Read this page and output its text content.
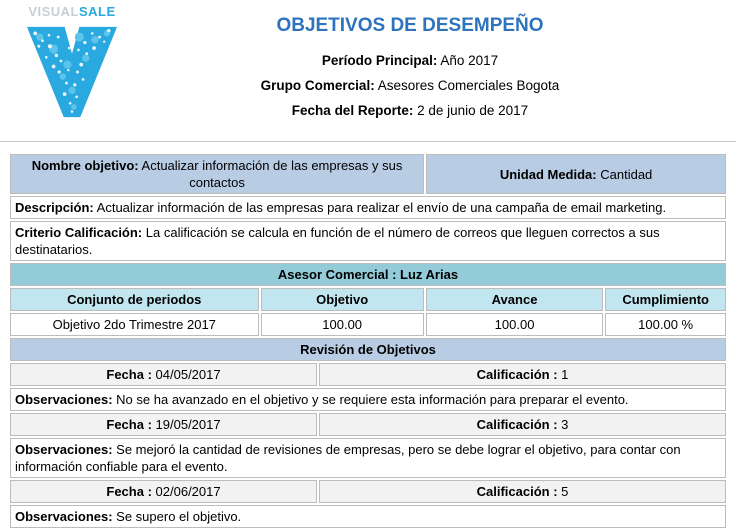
VISUALSALE
OBJETIVOS DE DESEMPEÑO
Período Principal: Año 2017
Grupo Comercial: Asesores Comerciales Bogota
Fecha del Reporte: 2 de junio de 2017
Nombre objetivo: Actualizar información de las empresas y sus contactos	Unidad Medida: Cantidad
Descripción: Actualizar información de las empresas para realizar el envío de una campaña de email marketing.
Criterio Calificación: La calificación se calcula en función de el número de correos que lleguen correctos a sus destinatarios.
Asesor Comercial : Luz Arias			
Conjunto de periodos	Objetivo	Avance	Cumplimiento
Objetivo 2do Trimestre 2017	100.00	100.00	100.00 %
Revisión de Objetivos	
Fecha : 04/05/2017	Calificación : 1
Observaciones: No se ha avanzado en el objetivo y se requiere esta información para preparar el evento.	
Fecha : 19/05/2017	Calificación : 3
Observaciones: Se mejoró la cantidad de revisiones de empresas, pero se debe lograr el objetivo, para contar con información confiable para el evento.	
Fecha : 02/06/2017	Calificación : 5
Observaciones: Se supero el objetivo.	
